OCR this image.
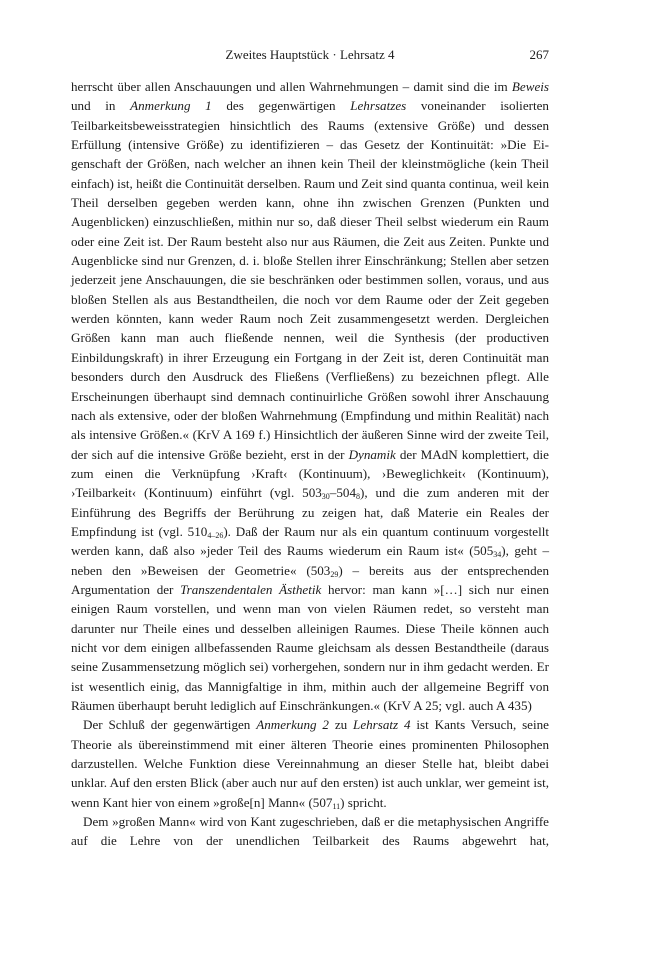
Zweites Hauptstück · Lehrsatz 4	267

herrscht über allen Anschauungen und allen Wahrnehmungen – damit sind die im Beweis und in Anmerkung 1 des gegenwärtigen Lehrsatzes voneinander isolierten Teilbarkeitsbeweisstrategien hinsichtlich des Raums (extensive Größe) und dessen Erfüllung (intensive Größe) zu identifizieren – das Gesetz der Kontinuität: »Die Eigenschaft der Größen, nach welcher an ihnen kein Theil der kleinstmögliche (kein Theil einfach) ist, heißt die Continuität derselben. Raum und Zeit sind quanta continua, weil kein Theil derselben gegeben werden kann, ohne ihn zwischen Grenzen (Punkten und Augenblicken) einzuschließen, mithin nur so, daß dieser Theil selbst wiederum ein Raum oder eine Zeit ist. Der Raum besteht also nur aus Räumen, die Zeit aus Zeiten. Punkte und Augenblicke sind nur Grenzen, d. i. bloße Stellen ihrer Einschränkung; Stellen aber setzen jederzeit jene Anschauungen, die sie beschränken oder bestimmen sollen, voraus, und aus bloßen Stellen als aus Bestandtheilen, die noch vor dem Raume oder der Zeit gegeben werden könnten, kann weder Raum noch Zeit zusammengesetzt werden. Dergleichen Größen kann man auch fließende nennen, weil die Synthesis (der productiven Einbildungskraft) in ihrer Erzeugung ein Fortgang in der Zeit ist, deren Continuität man besonders durch den Ausdruck des Fließens (Verfließens) zu bezeichnen pflegt. Alle Erscheinungen überhaupt sind demnach continuirliche Größen sowohl ihrer Anschauung nach als extensive, oder der bloßen Wahrnehmung (Empfindung und mithin Realität) nach als intensive Größen.« (KrV A 169 f.) Hinsichtlich der äußeren Sinne wird der zweite Teil, der sich auf die intensive Größe bezieht, erst in der Dynamik der MAdN komplettiert, die zum einen die Verknüpfung ›Kraft‹ (Kontinuum), ›Beweglichkeit‹ (Kontinuum), ›Teilbarkeit‹ (Kontinuum) einführt (vgl. $503_{30}-504_8$), und die zum anderen mit der Einführung des Begriffs der Berührung zu zeigen hat, daß Materie ein Reales der Empfindung ist (vgl. $510_{4-26}$). Daß der Raum nur als ein quantum continuum vorgestellt werden kann, daß also »jeder Teil des Raums wiederum ein Raum ist« $(505_{34})$, geht – neben den »Beweisen der Geometrie« $(503_{29})$ – bereits aus der entsprechenden Argumentation der Transzendentalen Ästhetik hervor: man kann »[…] sich nur einen einigen Raum vorstellen, und wenn man von vielen Räumen redet, so versteht man darunter nur Theile eines und desselben alleinigen Raumes. Diese Theile können auch nicht vor dem einigen allbefassenden Raume gleichsam als dessen Bestandtheile (daraus seine Zusammensetzung möglich sei) vorhergehen, sondern nur in ihm gedacht werden. Er ist wesentlich einig, das Mannigfaltige in ihm, mithin auch der allgemeine Begriff von Räumen überhaupt beruht lediglich auf Einschränkungen.« (KrV A 25; vgl. auch A 435)

Der Schluß der gegenwärtigen Anmerkung 2 zu Lehrsatz 4 ist Kants Versuch, seine Theorie als übereinstimmend mit einer älteren Theorie eines prominenten Philosophen darzustellen. Welche Funktion diese Vereinnahmung an dieser Stelle hat, bleibt dabei unklar. Auf den ersten Blick (aber auch nur auf den ersten) ist auch unklar, wer gemeint ist, wenn Kant hier von einem »große[n] Mann« $(507_{11})$ spricht.

Dem »großen Mann« wird von Kant zugeschrieben, daß er die metaphysischen Angriffe auf die Lehre von der unendlichen Teilbarkeit des Raums abgewehrt hat,
